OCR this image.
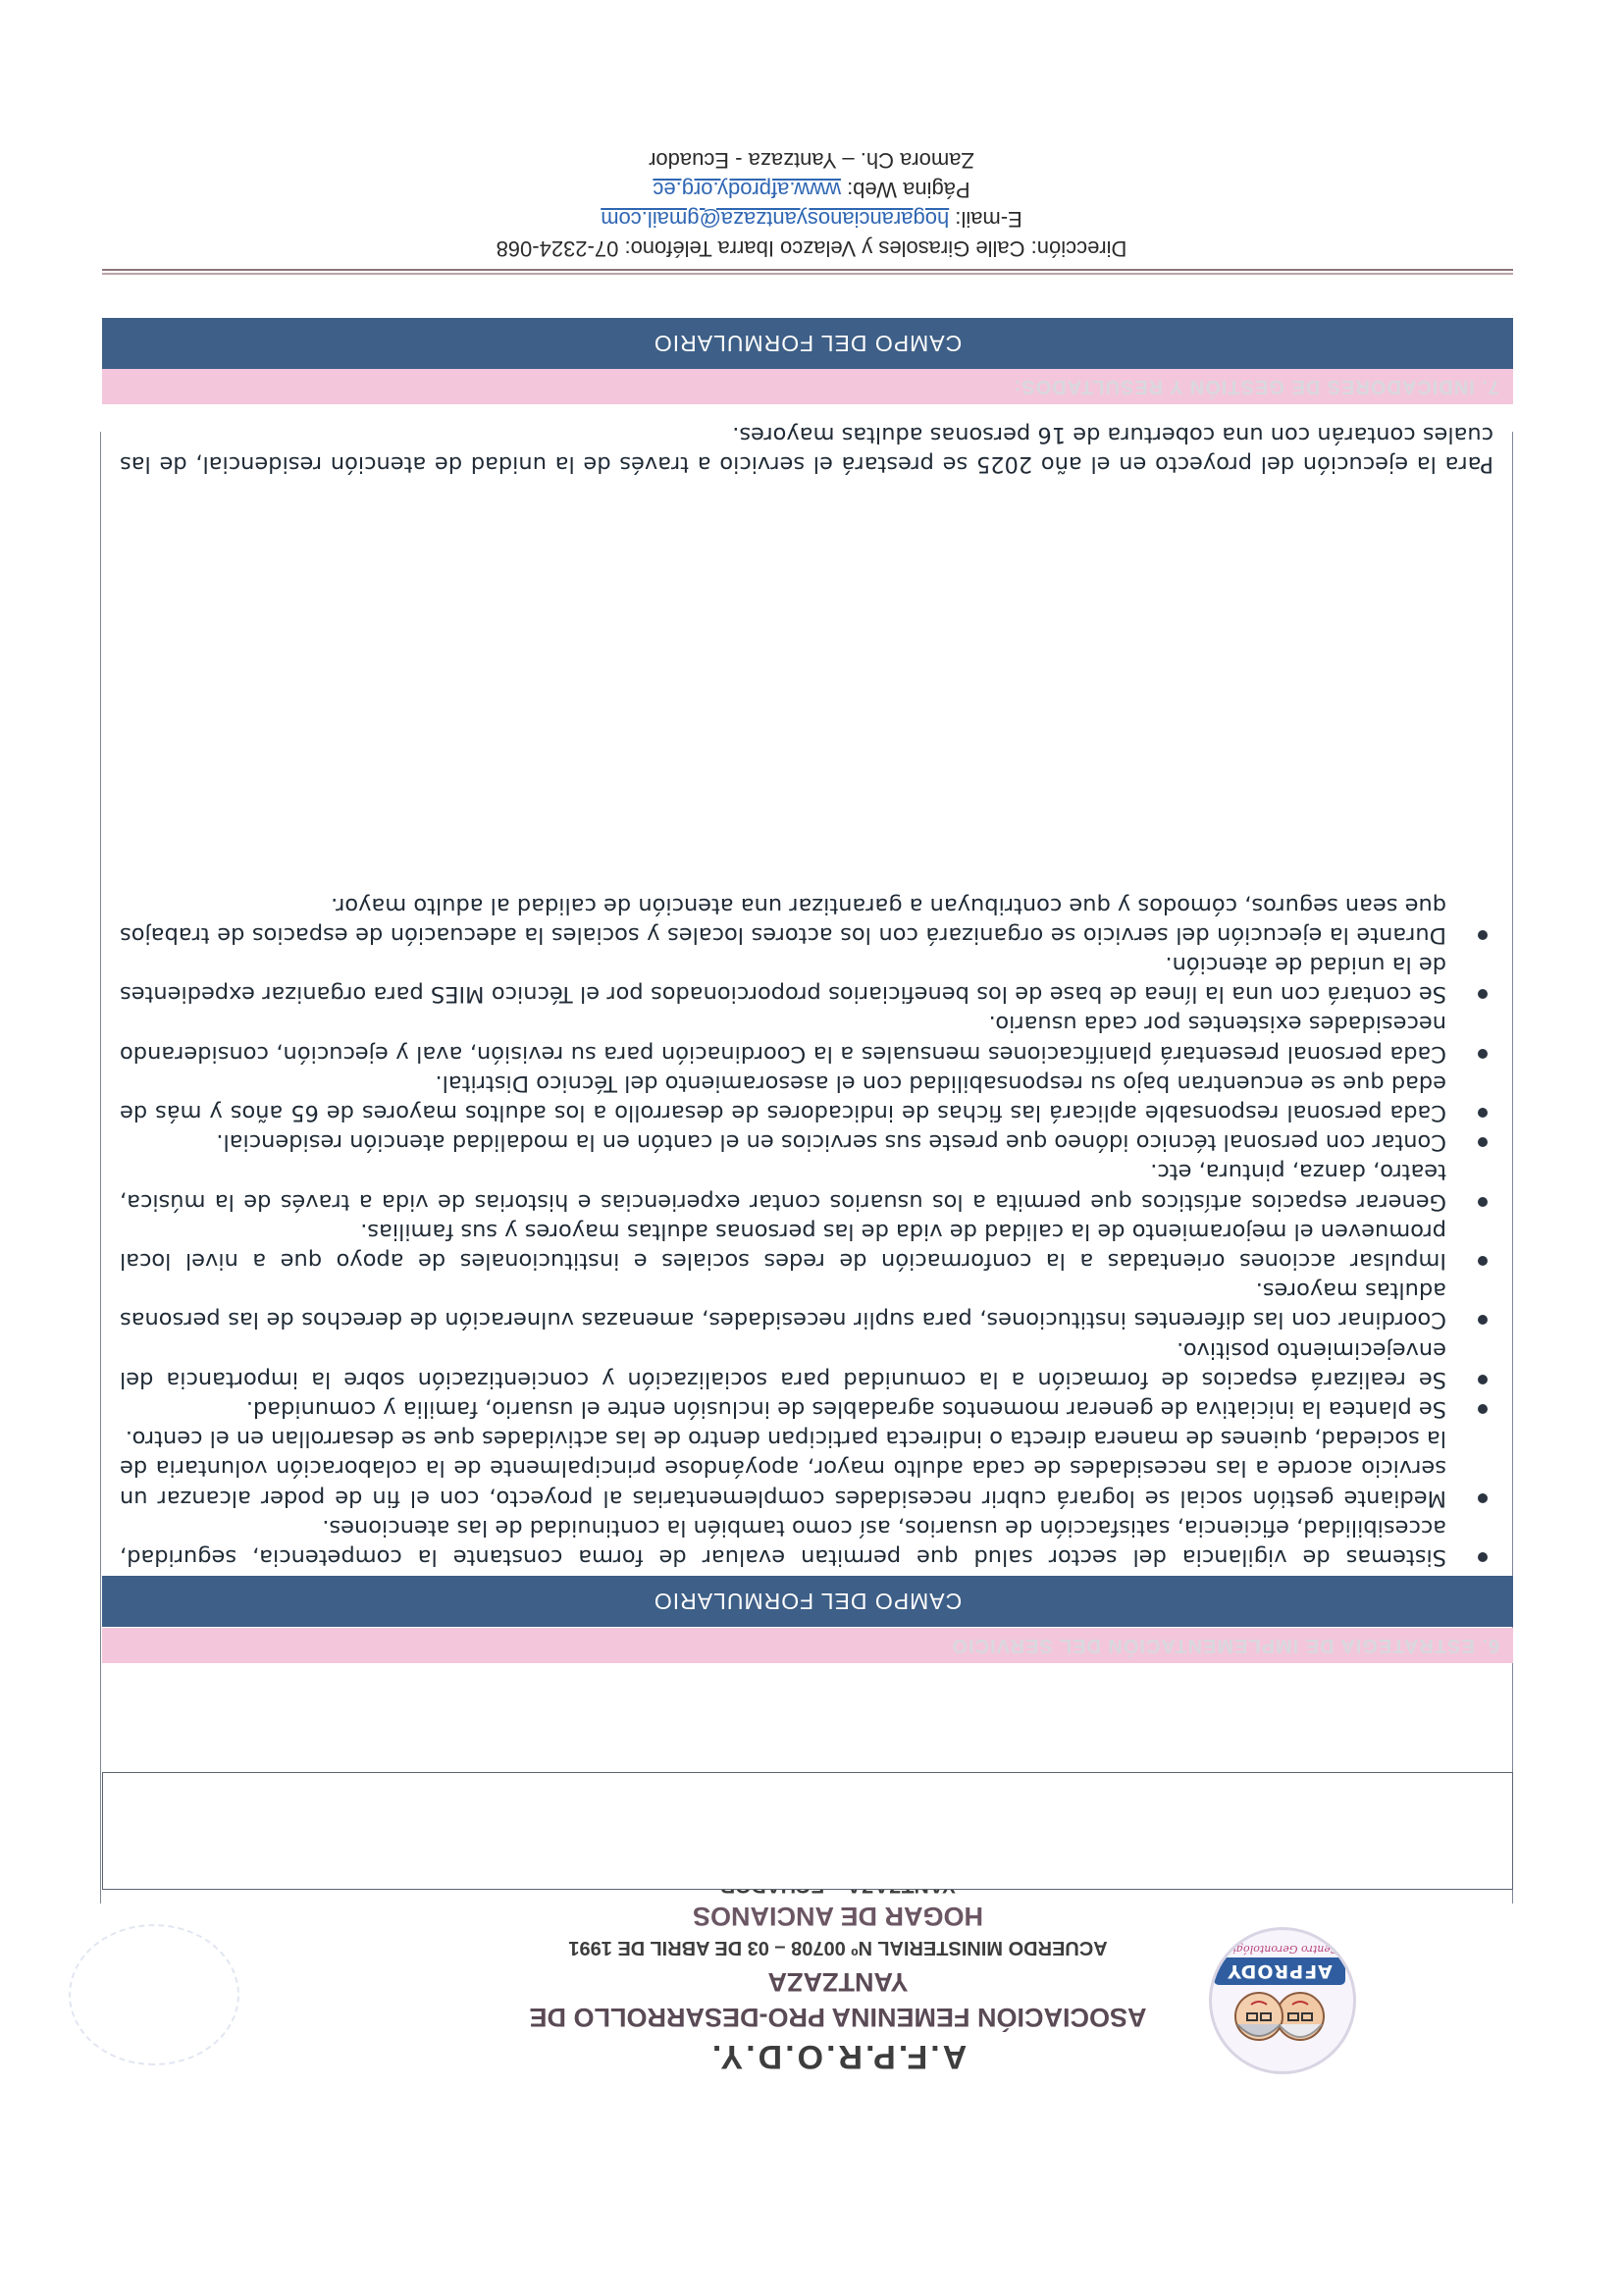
AFPRODY
Centro Gerontológico
A.F.P.R.O.D.Y.
ASOCIACIÓN FEMENINA PRO-DESARROLLO DE YANTZAZA
ACUERDO MINISTERIAL Nº 00708 – 03 DE ABRIL DE 1991
HOGAR DE ANCIANOS
6. ESTRATEGIA DE IMPLEMENTACIÓN DEL SERVICIO
CAMPO DEL FORMULARIO
Sistemas de vigilancia del sector salud que permitan evaluar de forma constante la competencia, seguridad, accesibilidad, eficiencia, satisfacción de usuarios, así como también la continuidad de las atenciones.
Mediante gestión social se logrará cubrir necesidades complementarias al proyecto, con el fin de poder alcanzar un servicio acorde a las necesidades de cada adulto mayor, apoyándose principalmente de la colaboración voluntaria de la sociedad, quienes de manera directa o indirecta participan dentro de las actividades que se desarrollan en el centro.
Se plantea la iniciativa de generar momentos agradables de inclusión entre el usuario, familia y comunidad.
Se realizará espacios de formación a la comunidad para socialización y concientización sobre la importancia del envejecimiento positivo.
Coordinar con las diferentes instituciones, para suplir necesidades, amenazas vulneración de derechos de las personas adultas mayores.
Impulsar acciones orientadas a la conformación de redes sociales e institucionales de apoyo que a nivel local promueven el mejoramiento de la calidad de vida de las personas adultas mayores y sus familias.
Generar espacios artísticos que permita a los usuarios contar experiencias e historias de vida a través de la música, teatro, danza, pintura, etc.
Contar con personal técnico idóneo que preste sus servicios en el cantón en la modalidad atención residencial.
Cada personal responsable aplicará las fichas de indicadores de desarrollo a los adultos mayores de 65 años y más de edad que se encuentran bajo su responsabilidad con el asesoramiento del Técnico Distrital.
Cada personal presentará planificaciones mensuales a la Coordinación para su revisión, aval y ejecución, considerando necesidades existentes por cada usuario.
Se contará con una la línea de base de los beneficiarios proporcionados por el Técnico MIES para organizar expedientes de la unidad de atención.
Durante la ejecución del servicio se organizará con los actores locales y sociales la adecuación de espacios de trabajos que sean seguros, cómodos y que contribuyan a garantizar una atención de calidad al adulto mayor.

Para la ejecución del proyecto en el año 2025 se prestará el servicio a través de la unidad de atención residencial, de las cuales contarán con una cobertura de 16 personas adultas mayores.

7. INDICADORES DE GESTIÓN Y RESULTADOS:
CAMPO DEL FORMULARIO
Dirección: Calle Girasoles y Velazco Ibarra Teléfono: 07-2324-068
E-mail: hogarancianosyantzaza@gmail.com
Página Web: www.afprody.org.ec
Zamora Ch. – Yantzaza - Ecuador
